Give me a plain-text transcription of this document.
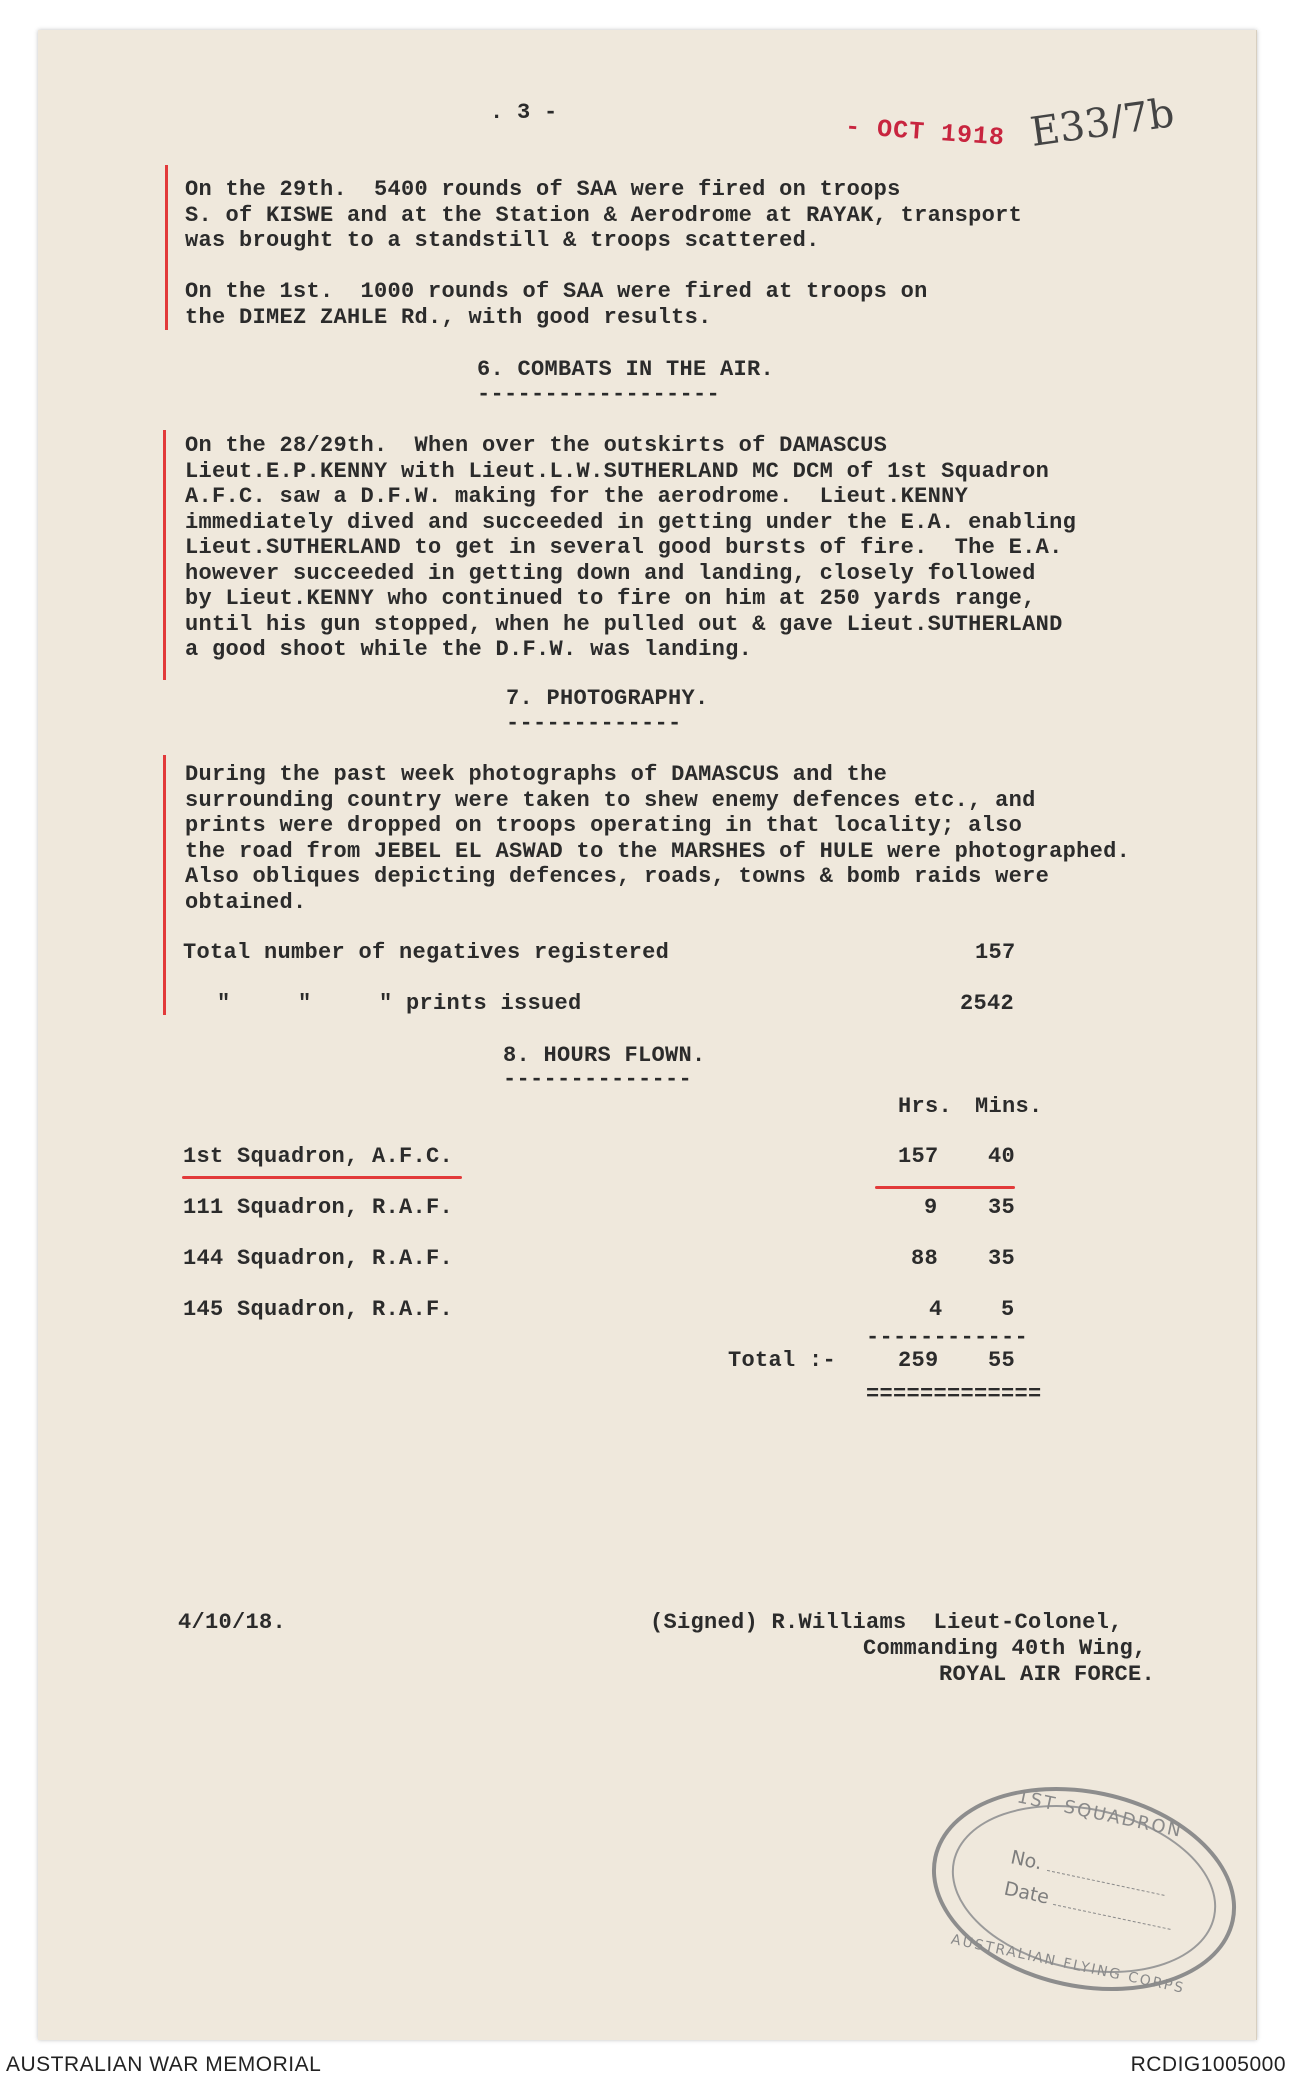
. 3 -	- OCT 1918 E33/7b
On the 29th.  5400 rounds of SAA were fired on troops
S. of KISWE and at the Station & Aerodrome at RAYAK, transport
was brought to a standstill & troops scattered.
On the 1st.  1000 rounds of SAA were fired at troops on
the DIMEZ ZAHLE Rd., with good results.
6. COMBATS IN THE AIR.
------------------
On the 28/29th.  When over the outskirts of DAMASCUS
Lieut.E.P.KENNY with Lieut.L.W.SUTHERLAND MC DCM of 1st Squadron
A.F.C. saw a D.F.W. making for the aerodrome.  Lieut.KENNY
immediately dived and succeeded in getting under the E.A. enabling
Lieut.SUTHERLAND to get in several good bursts of fire.  The E.A.
however succeeded in getting down and landing, closely followed
by Lieut.KENNY who continued to fire on him at 250 yards range,
until his gun stopped, when he pulled out & gave Lieut.SUTHERLAND
a good shoot while the D.F.W. was landing.
7. PHOTOGRAPHY.
-------------
During the past week photographs of DAMASCUS and the
surrounding country were taken to shew enemy defences etc., and
prints were dropped on troops operating in that locality; also
the road from JEBEL EL ASWAD to the MARSHES of HULE were photographed.
Also obliques depicting defences, roads, towns & bomb raids were
obtained.
Total number of negatives registered	157
"     "     " prints issued	2542
8. HOURS FLOWN.
--------------
Hrs. Mins.
1st Squadron, A.F.C.	157 40
111 Squadron, R.A.F.	9 35
144 Squadron, R.A.F.	88 35
145 Squadron, R.A.F.	4	5
------------
Total :-	259 55
=============
4/10/18.	(Signed) R.Williams  Lieut-Colonel,
Commanding 40th Wing,
ROYAL AIR FORCE.
1ST SQUADRON
No.
Date
AUSTRALIAN FLYING CORPS
AUSTRALIAN WAR MEMORIAL	RCDIG1005000
